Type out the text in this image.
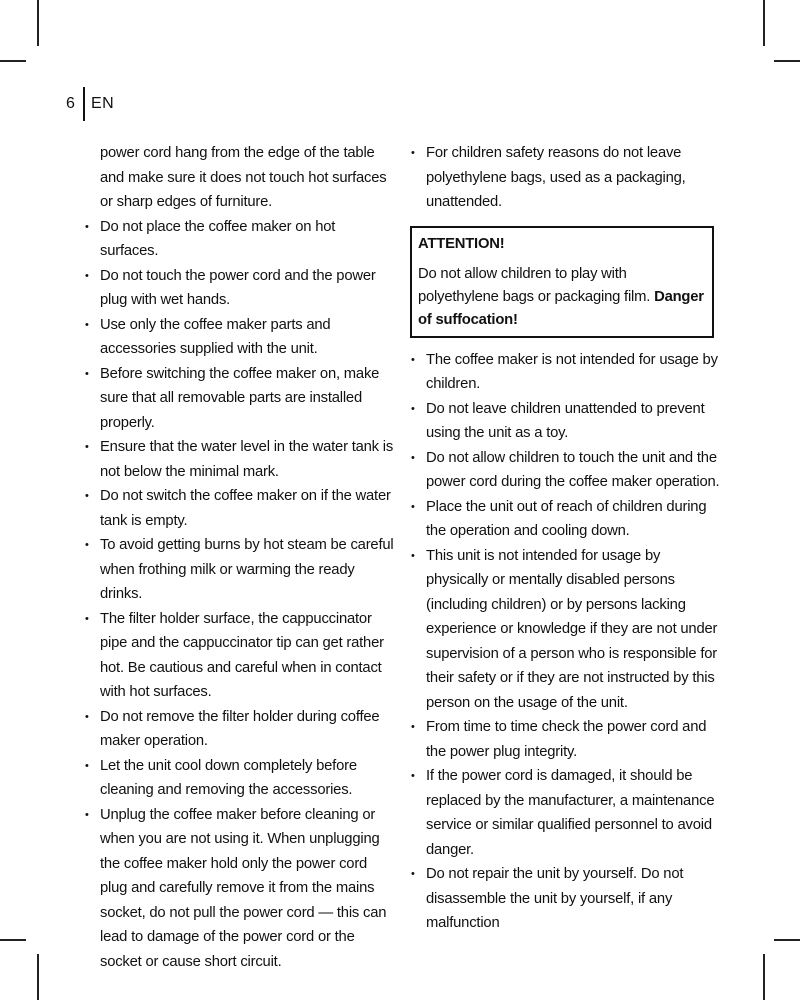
6	EN

power cord hang from the edge of the table and make sure it does not touch hot surfaces or sharp edges of furniture.

• Do not place the coffee maker on hot surfaces.
• Do not touch the power cord and the power plug with wet hands.
• Use only the coffee maker parts and accessories supplied with the unit.
• Before switching the coffee maker on, make sure that all removable parts are installed properly.
• Ensure that the water level in the water tank is not below the minimal mark.
• Do not switch the coffee maker on if the water tank is empty.
• To avoid getting burns by hot steam be careful when frothing milk or warming the ready drinks.
• The filter holder surface, the cappuccinator pipe and the cappuccinator tip can get rather hot. Be cautious and careful when in contact with hot surfaces.
• Do not remove the filter holder during coffee maker operation.
• Let the unit cool down completely before cleaning and removing the accessories.
• Unplug the coffee maker before cleaning or when you are not using it. When unplugging the coffee maker hold only the power cord plug and carefully remove it from the mains socket, do not pull the power cord — this can lead to damage of the power cord or the socket or cause short circuit.
• For children safety reasons do not leave polyethylene bags, used as a packaging, unattended.
ATTENTION!
Do not allow children to play with polyethylene bags or packaging film. Danger of suffocation!
• The coffee maker is not intended for usage by children.
• Do not leave children unattended to prevent using the unit as a toy.
• Do not allow children to touch the unit and the power cord during the coffee maker operation.
• Place the unit out of reach of children during the operation and cooling down.
• This unit is not intended for usage by physically or mentally disabled persons (including children) or by persons lacking experience or knowledge if they are not under supervision of a person who is responsible for their safety or if they are not instructed by this person on the usage of the unit.
• From time to time check the power cord and the power plug integrity.
• If the power cord is damaged, it should be replaced by the manufacturer, a maintenance service or similar qualified personnel to avoid danger.
• Do not repair the unit by yourself. Do not disassemble the unit by yourself, if any malfunction
